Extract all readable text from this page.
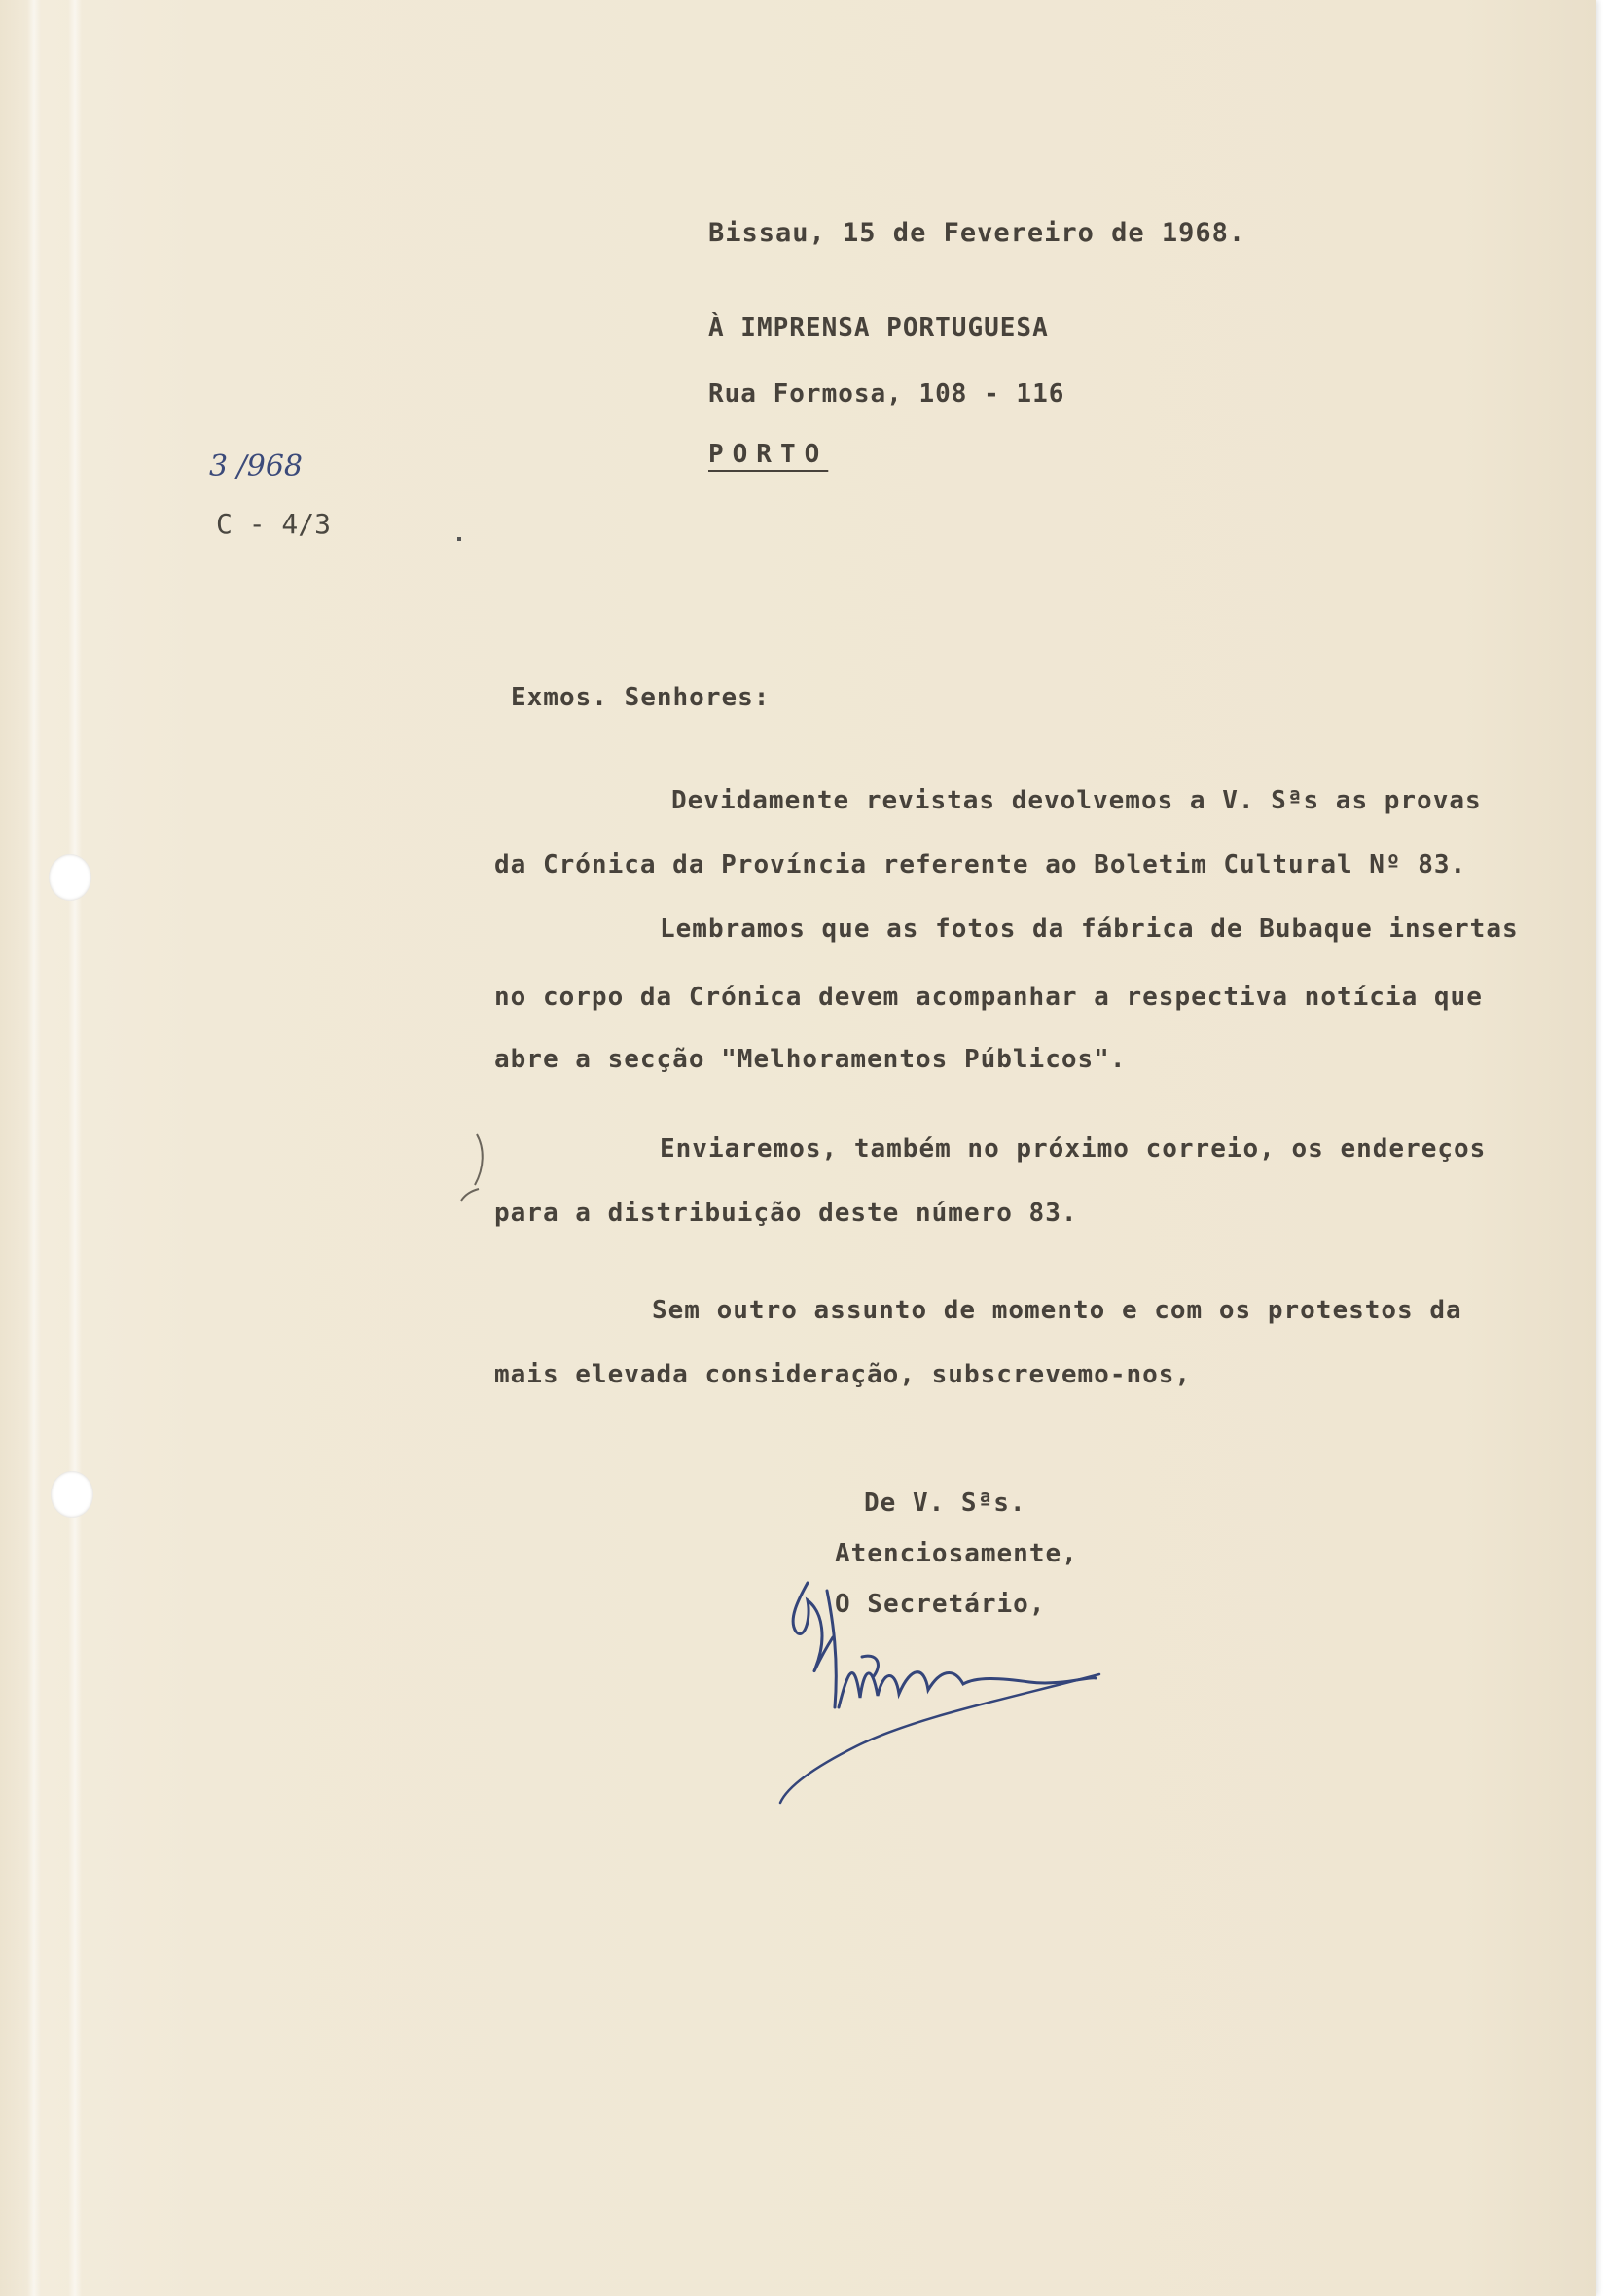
Bissau, 15 de Fevereiro de 1968.
À IMPRENSA PORTUGUESA
Rua Formosa, 108 - 116
PORTO
3 /968
C - 4/3
Exmos. Senhores:
Devidamente revistas devolvemos a V. Sªs as provas
da Crónica da Província referente ao Boletim Cultural Nº 83.
Lembramos que as fotos da fábrica de Bubaque insertas
no corpo da Crónica devem acompanhar a respectiva notícia que
abre a secção "Melhoramentos Públicos".
Enviaremos, também no próximo correio, os endereços
para a distribuição deste número 83.
Sem outro assunto de momento e com os protestos da
mais elevada consideração, subscrevemo-nos,
De V. Sªs.
Atenciosamente,
O Secretário,
